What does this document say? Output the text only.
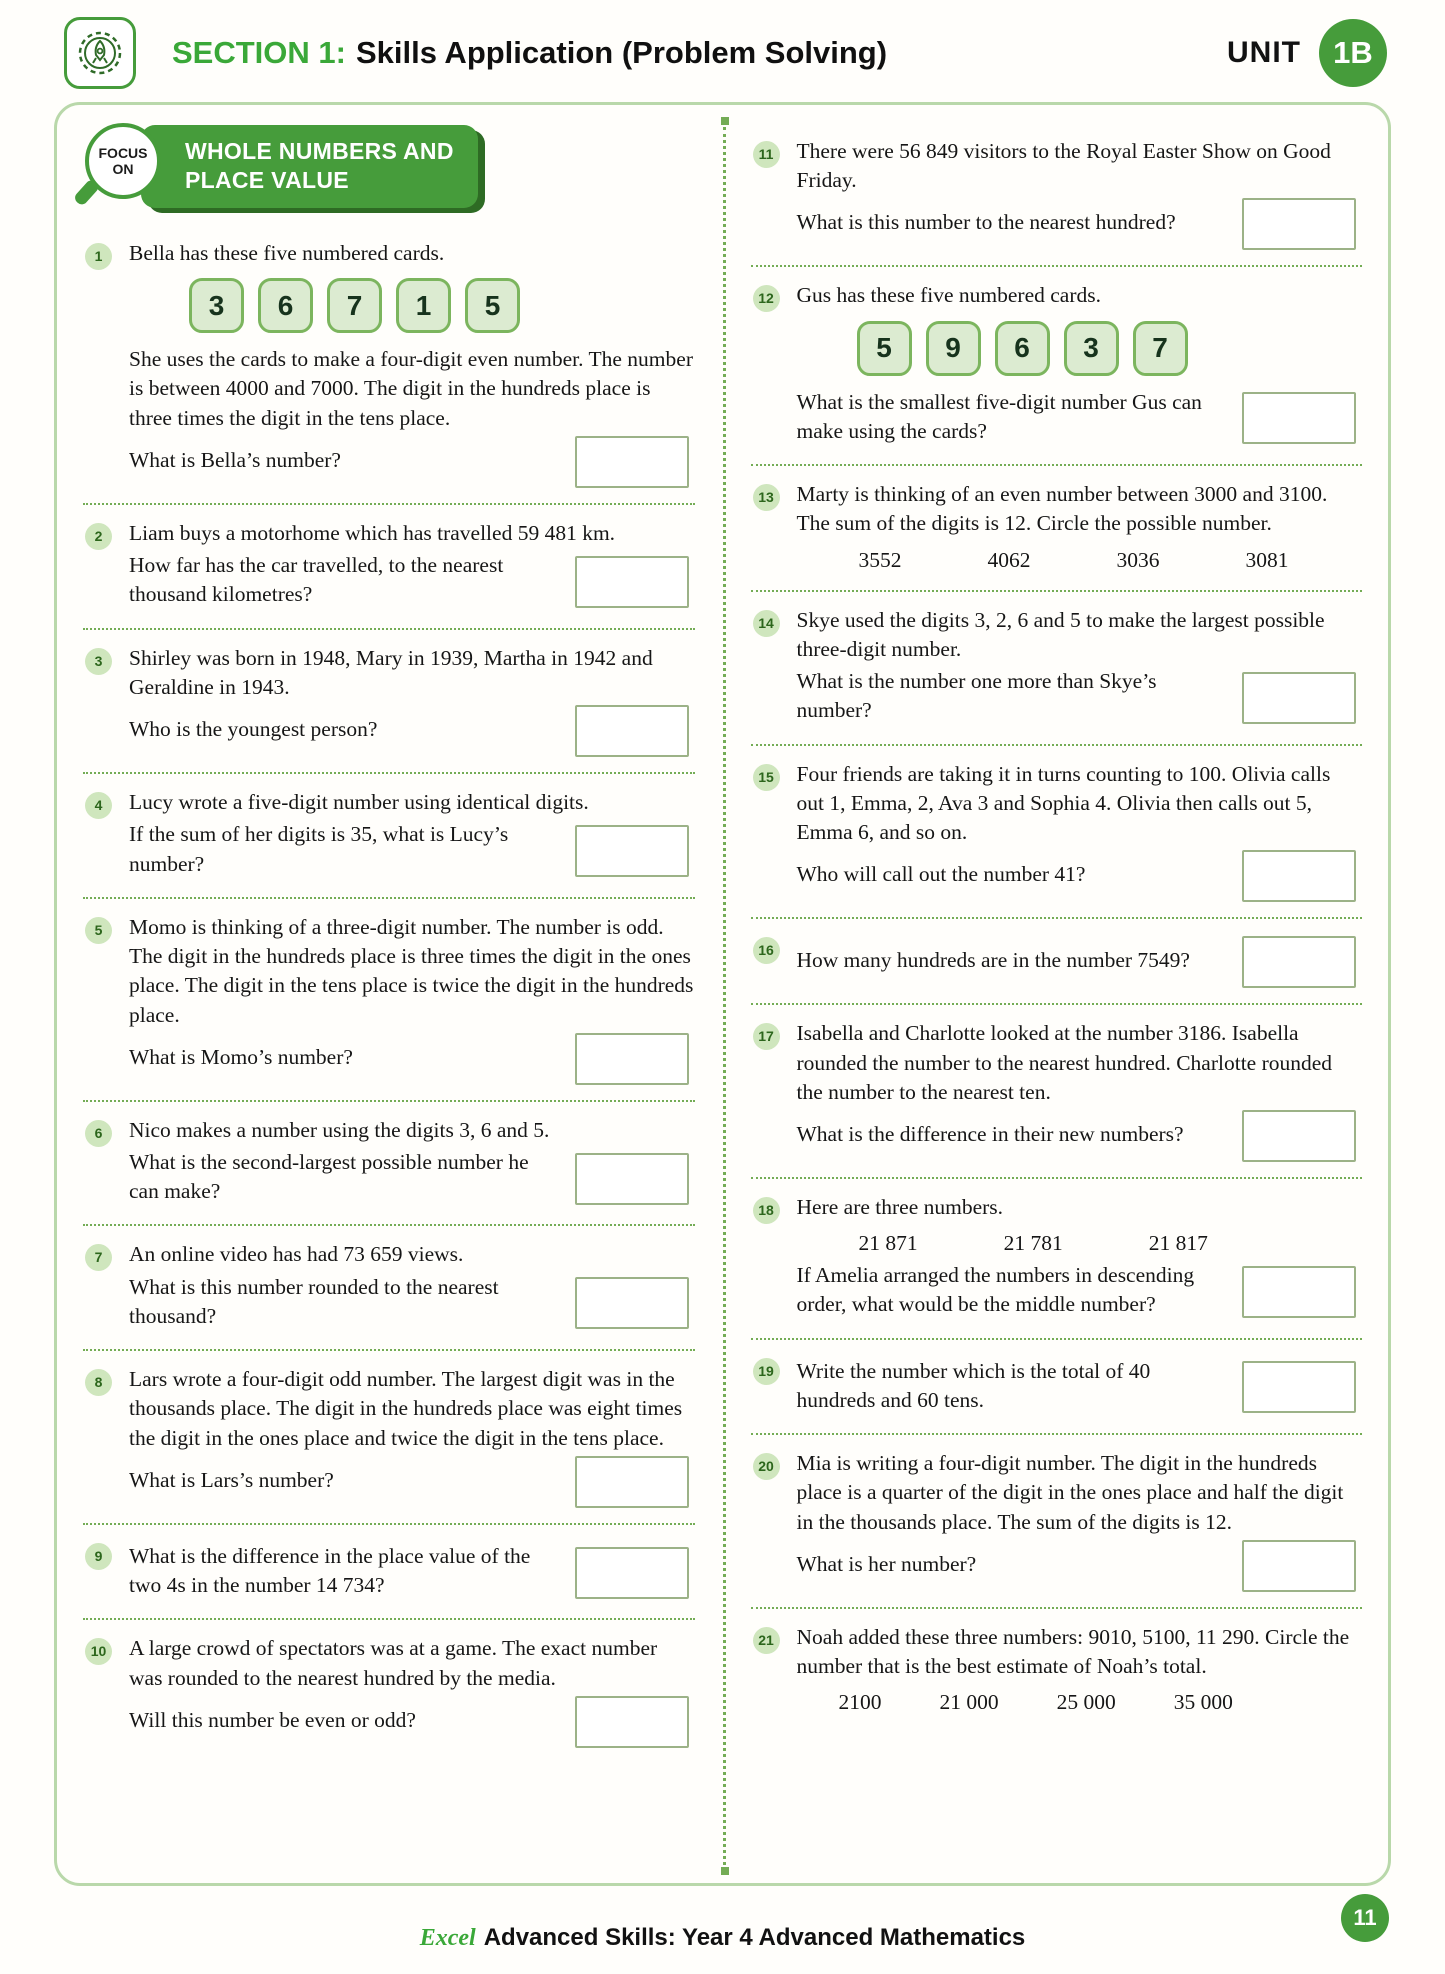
SECTION 1: Skills Application (Problem Solving)	UNIT	1B
FOCUS
ON
WHOLE NUMBERS AND
PLACE VALUE
1	Bella has these five numbered cards.

3	6	7	1	5

She uses the cards to make a four-digit even number. The number is between 4000 and 7000. The digit in the hundreds place is three times the digit in the tens place.

What is Bella’s number?

2	Liam buys a motorhome which has travelled 59 481 km.

How far has the car travelled, to the nearest thousand kilometres?

3	Shirley was born in 1948, Mary in 1939, Martha in 1942 and Geraldine in 1943.

Who is the youngest person?

4	Lucy wrote a five-digit number using identical digits.

If the sum of her digits is 35, what is Lucy’s number?

5	Momo is thinking of a three-digit number. The number is odd. The digit in the hundreds place is three times the digit in the ones place. The digit in the tens place is twice the digit in the hundreds place.

What is Momo’s number?

6	Nico makes a number using the digits 3, 6 and 5.

What is the second-largest possible number he can make?

7	An online video has had 73 659 views.

What is this number rounded to the nearest thousand?

8	Lars wrote a four-digit odd number. The largest digit was in the thousands place. The digit in the hundreds place was eight times the digit in the ones place and twice the digit in the tens place.

What is Lars’s number?

9	What is the difference in the place value of the two 4s in the number 14 734?

10 A large crowd of spectators was at a game. The exact number was rounded to the nearest hundred by the media.

Will this number be even or odd?

11 There were 56 849 visitors to the Royal Easter Show on Good Friday.

What is this number to the nearest hundred?

12 Gus has these five numbered cards.

5	9	6	3	7

What is the smallest five-digit number Gus can make using the cards?

13 Marty is thinking of an even number between 3000 and 3100. The sum of the digits is 12. Circle the possible number.

3552	4062	3036	3081
14 Skye used the digits 3, 2, 6 and 5 to make the largest possible three-digit number.

What is the number one more than Skye’s number?

15 Four friends are taking it in turns counting to 100. Olivia calls out 1, Emma, 2, Ava 3 and Sophia 4. Olivia then calls out 5, Emma 6, and so on.

Who will call out the number 41?

16 How many hundreds are in the number 7549?

17 Isabella and Charlotte looked at the number 3186. Isabella rounded the number to the nearest hundred. Charlotte rounded the number to the nearest ten.

What is the difference in their new numbers?

18 Here are three numbers.

21 871	21 781	21 817

If Amelia arranged the numbers in descending order, what would be the middle number?

19 Write the number which is the total of 40 hundreds and 60 tens.

20 Mia is writing a four-digit number. The digit in the hundreds place is a quarter of the digit in the ones place and half the digit in the thousands place. The sum of the digits is 12.

What is her number?

21 Noah added these three numbers: 9010, 5100, 11 290. Circle the number that is the best estimate of Noah’s total.

2100	21 000	25 000	35 000
Excel Advanced Skills: Year 4 Advanced Mathematics
11
